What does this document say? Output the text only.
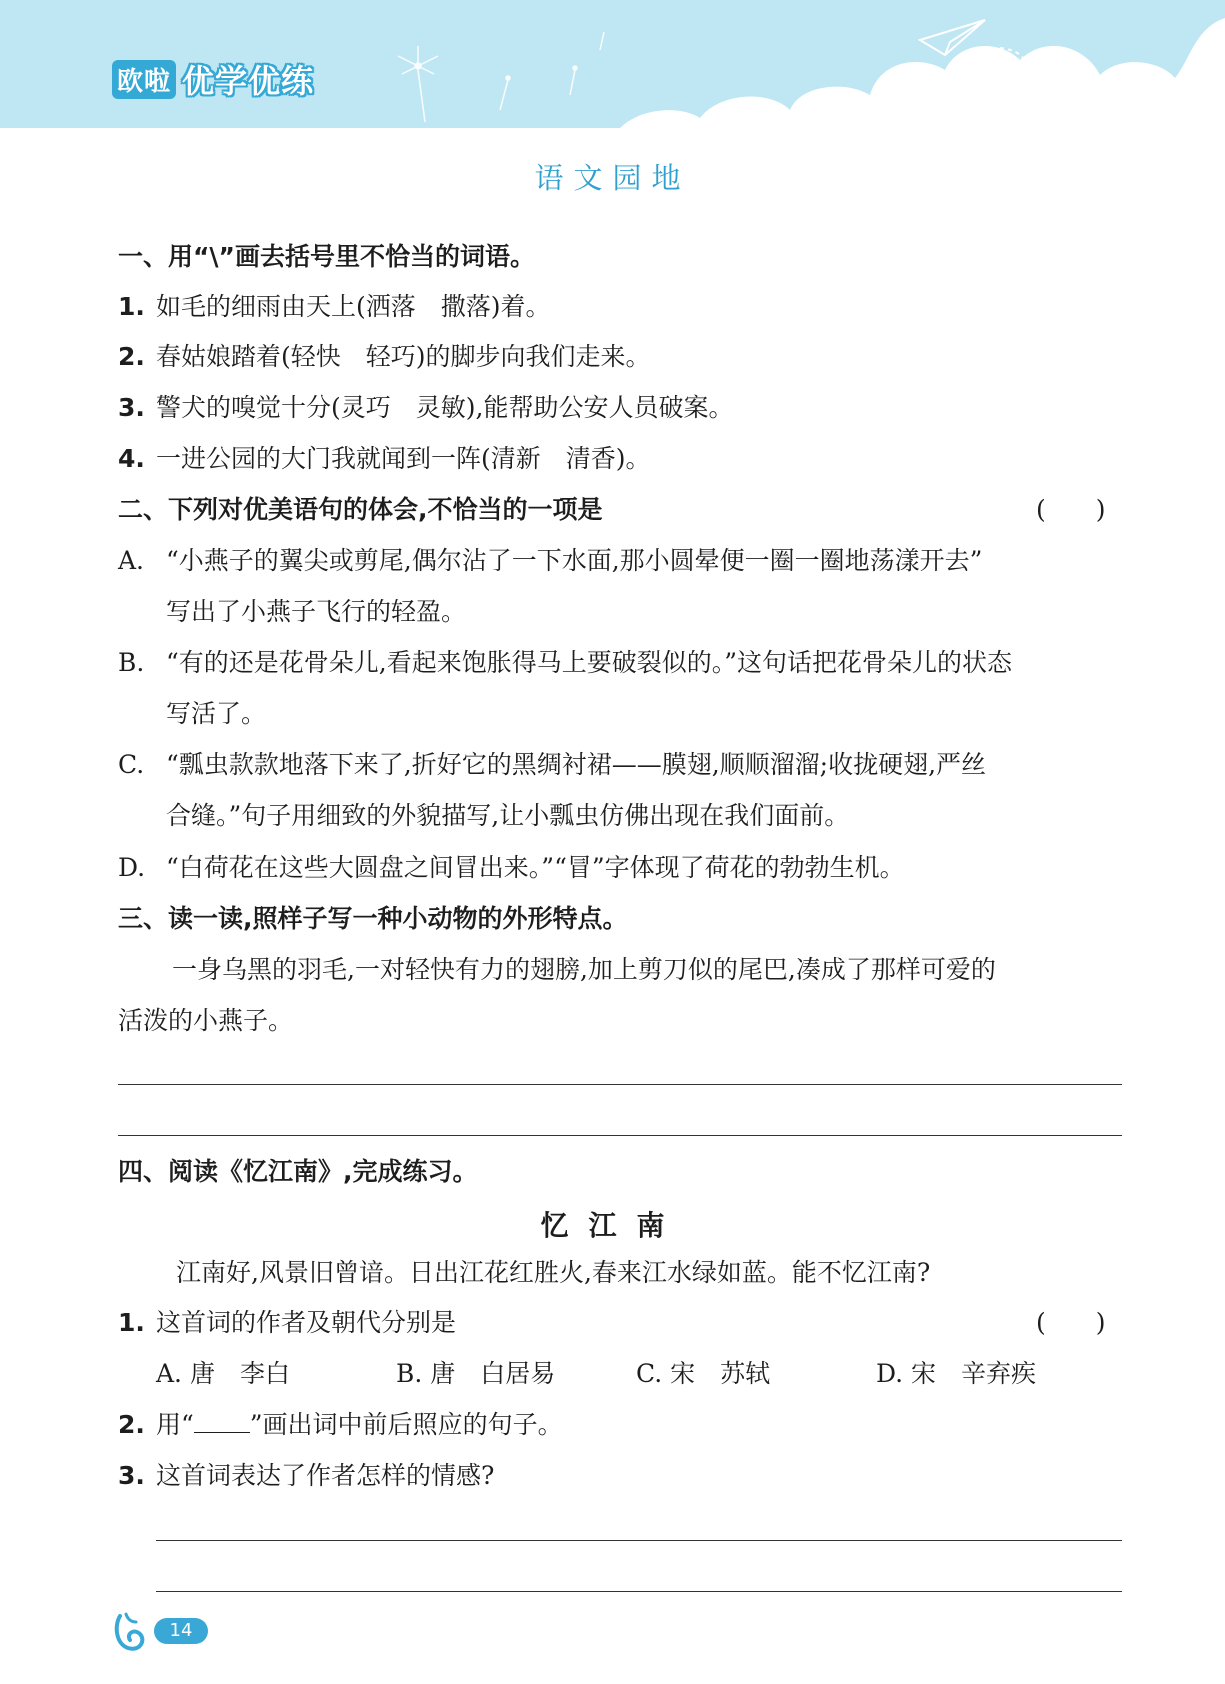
欧啦 优学优练
语文园地
一、用“\”画去括号里不恰当的词语。
1. 如毛的细雨由天上(洒落　撒落)着。
2. 春姑娘踏着(轻快　轻巧)的脚步向我们走来。
3. 警犬的嗅觉十分(灵巧　灵敏),能帮助公安人员破案。
4. 一进公园的大门我就闻到一阵(清新　清香)。
二、下列对优美语句的体会,不恰当的一项是	(　　)
A. “小燕子的翼尖或剪尾,偶尔沾了一下水面,那小圆晕便一圈一圈地荡漾开去”
写出了小燕子飞行的轻盈。
B. “有的还是花骨朵儿,看起来饱胀得马上要破裂似的。”这句话把花骨朵儿的状态
写活了。
C. “瓢虫款款地落下来了,折好它的黑绸衬裙——膜翅,顺顺溜溜;收拢硬翅,严丝
合缝。”句子用细致的外貌描写,让小瓢虫仿佛出现在我们面前。
D. “白荷花在这些大圆盘之间冒出来。”“冒”字体现了荷花的勃勃生机。
三、读一读,照样子写一种小动物的外形特点。
一身乌黑的羽毛,一对轻快有力的翅膀,加上剪刀似的尾巴,凑成了那样可爱的
活泼的小燕子。
四、阅读《忆江南》,完成练习。
忆江南
江南好,风景旧曾谙。日出江花红胜火,春来江水绿如蓝。能不忆江南?
1. 这首词的作者及朝代分别是	(　　)
A. 唐　李白	B. 唐　白居易	C. 宋　苏轼	D. 宋　辛弃疾
2. 用“ ”画出词中前后照应的句子。
3. 这首词表达了作者怎样的情感?
14
